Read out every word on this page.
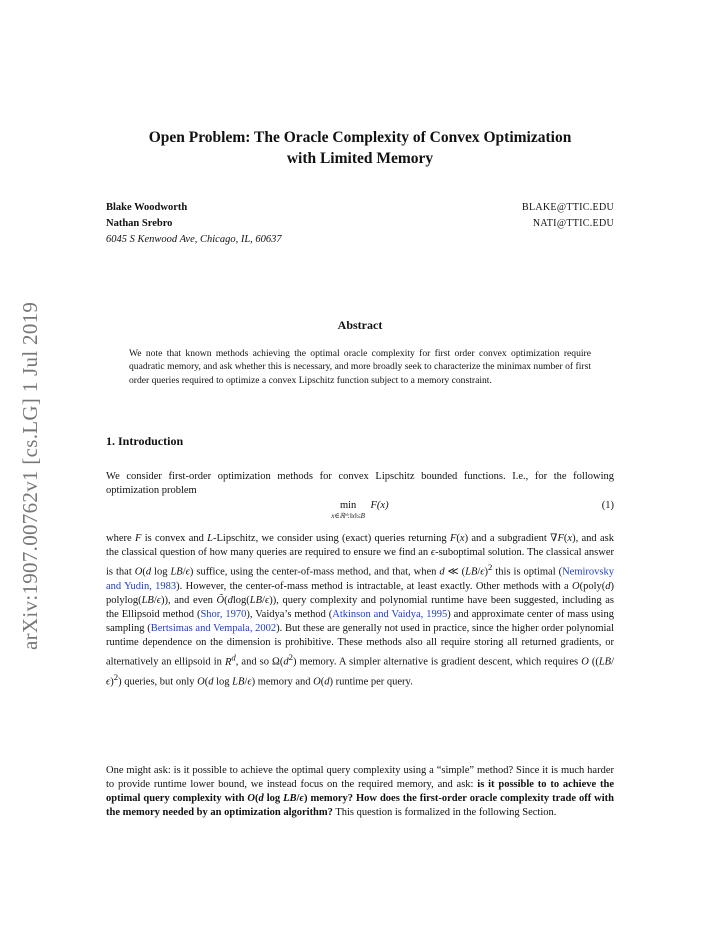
arXiv:1907.00762v1 [cs.LG] 1 Jul 2019
Open Problem: The Oracle Complexity of Convex Optimization
with Limited Memory
Blake Woodworth	BLAKE@TTIC.EDU
Nathan Srebro	NATI@TTIC.EDU
6045 S Kenwood Ave, Chicago, IL, 60637
Abstract
We note that known methods achieving the optimal oracle complexity for first order convex optimization require quadratic memory, and ask whether this is necessary, and more broadly seek to characterize the minimax number of first order queries required to optimize a convex Lipschitz function subject to a memory constraint.
1. Introduction
We consider first-order optimization methods for convex Lipschitz bounded functions. I.e., for the following optimization problem
min
x∈ℝᵈ:‖x‖≤B
F(x)	(1)
where F is convex and L-Lipschitz, we consider using (exact) queries returning F(x) and a subgradient ∇F(x), and ask the classical question of how many queries are required to ensure we find an ϵ-suboptimal solution. The classical answer is that O(d log LB/ϵ) suffice, using the center-of-mass method, and that, when d ≪ $(LB/\epsilon)^2$ this is optimal (Nemirovsky and Yudin, 1983). However, the center-of-mass method is intractable, at least exactly. Other methods with a O(poly(d) polylog(LB/ϵ)), and even Õ(dlog(LB/ϵ)), query complexity and polynomial runtime have been suggested, including as the Ellipsoid method (Shor, 1970), Vaidya’s method (Atkinson and Vaidya, 1995) and approximate center of mass using sampling (Bertsimas and Vempala, 2002). But these are generally not used in practice, since the higher order polynomial runtime dependence on the dimension is prohibitive. These methods also all require storing all returned gradients, or alternatively an ellipsoid in $R^d$, and so $\Omega(d^2)$ memory. A simpler alternative is gradient descent, which requires O $((LB/\epsilon)^2)$ queries, but only O(d log LB/ϵ) memory and O(d) runtime per query.
One might ask: is it possible to achieve the optimal query complexity using a “simple” method? Since it is much harder to provide runtime lower bound, we instead focus on the required memory, and ask: is it possible to to achieve the optimal query complexity with O(d log LB/ϵ) memory? How does the first-order oracle complexity trade off with the memory needed by an optimization algorithm? This question is formalized in the following Section.
